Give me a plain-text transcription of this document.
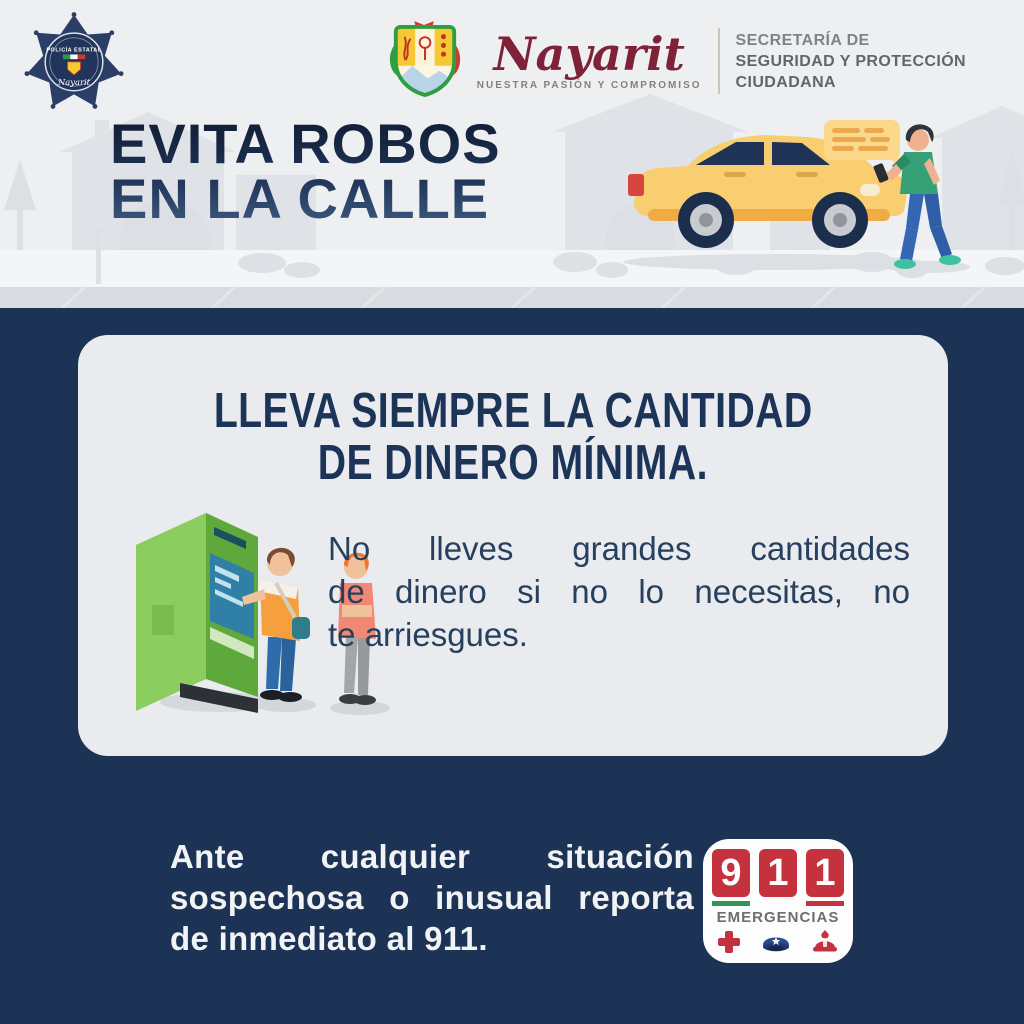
POLICÍA ESTATAL
Nayarit
Nayarit
NUESTRA PASIÓN Y COMPROMISO
SECRETARÍA DE
SEGURIDAD Y PROTECCIÓN
CIUDADANA
EVITA ROBOS
EN LA CALLE
LLEVA SIEMPRE LA CANTIDAD
DE DINERO MÍNIMA.
No lleves grandes cantidades
de dinero si no lo necesitas, no
te arriesgues.
Ante cualquier situación
sospechosa o inusual reporta
de inmediato al 911.
9 1 1
EMERGENCIAS
